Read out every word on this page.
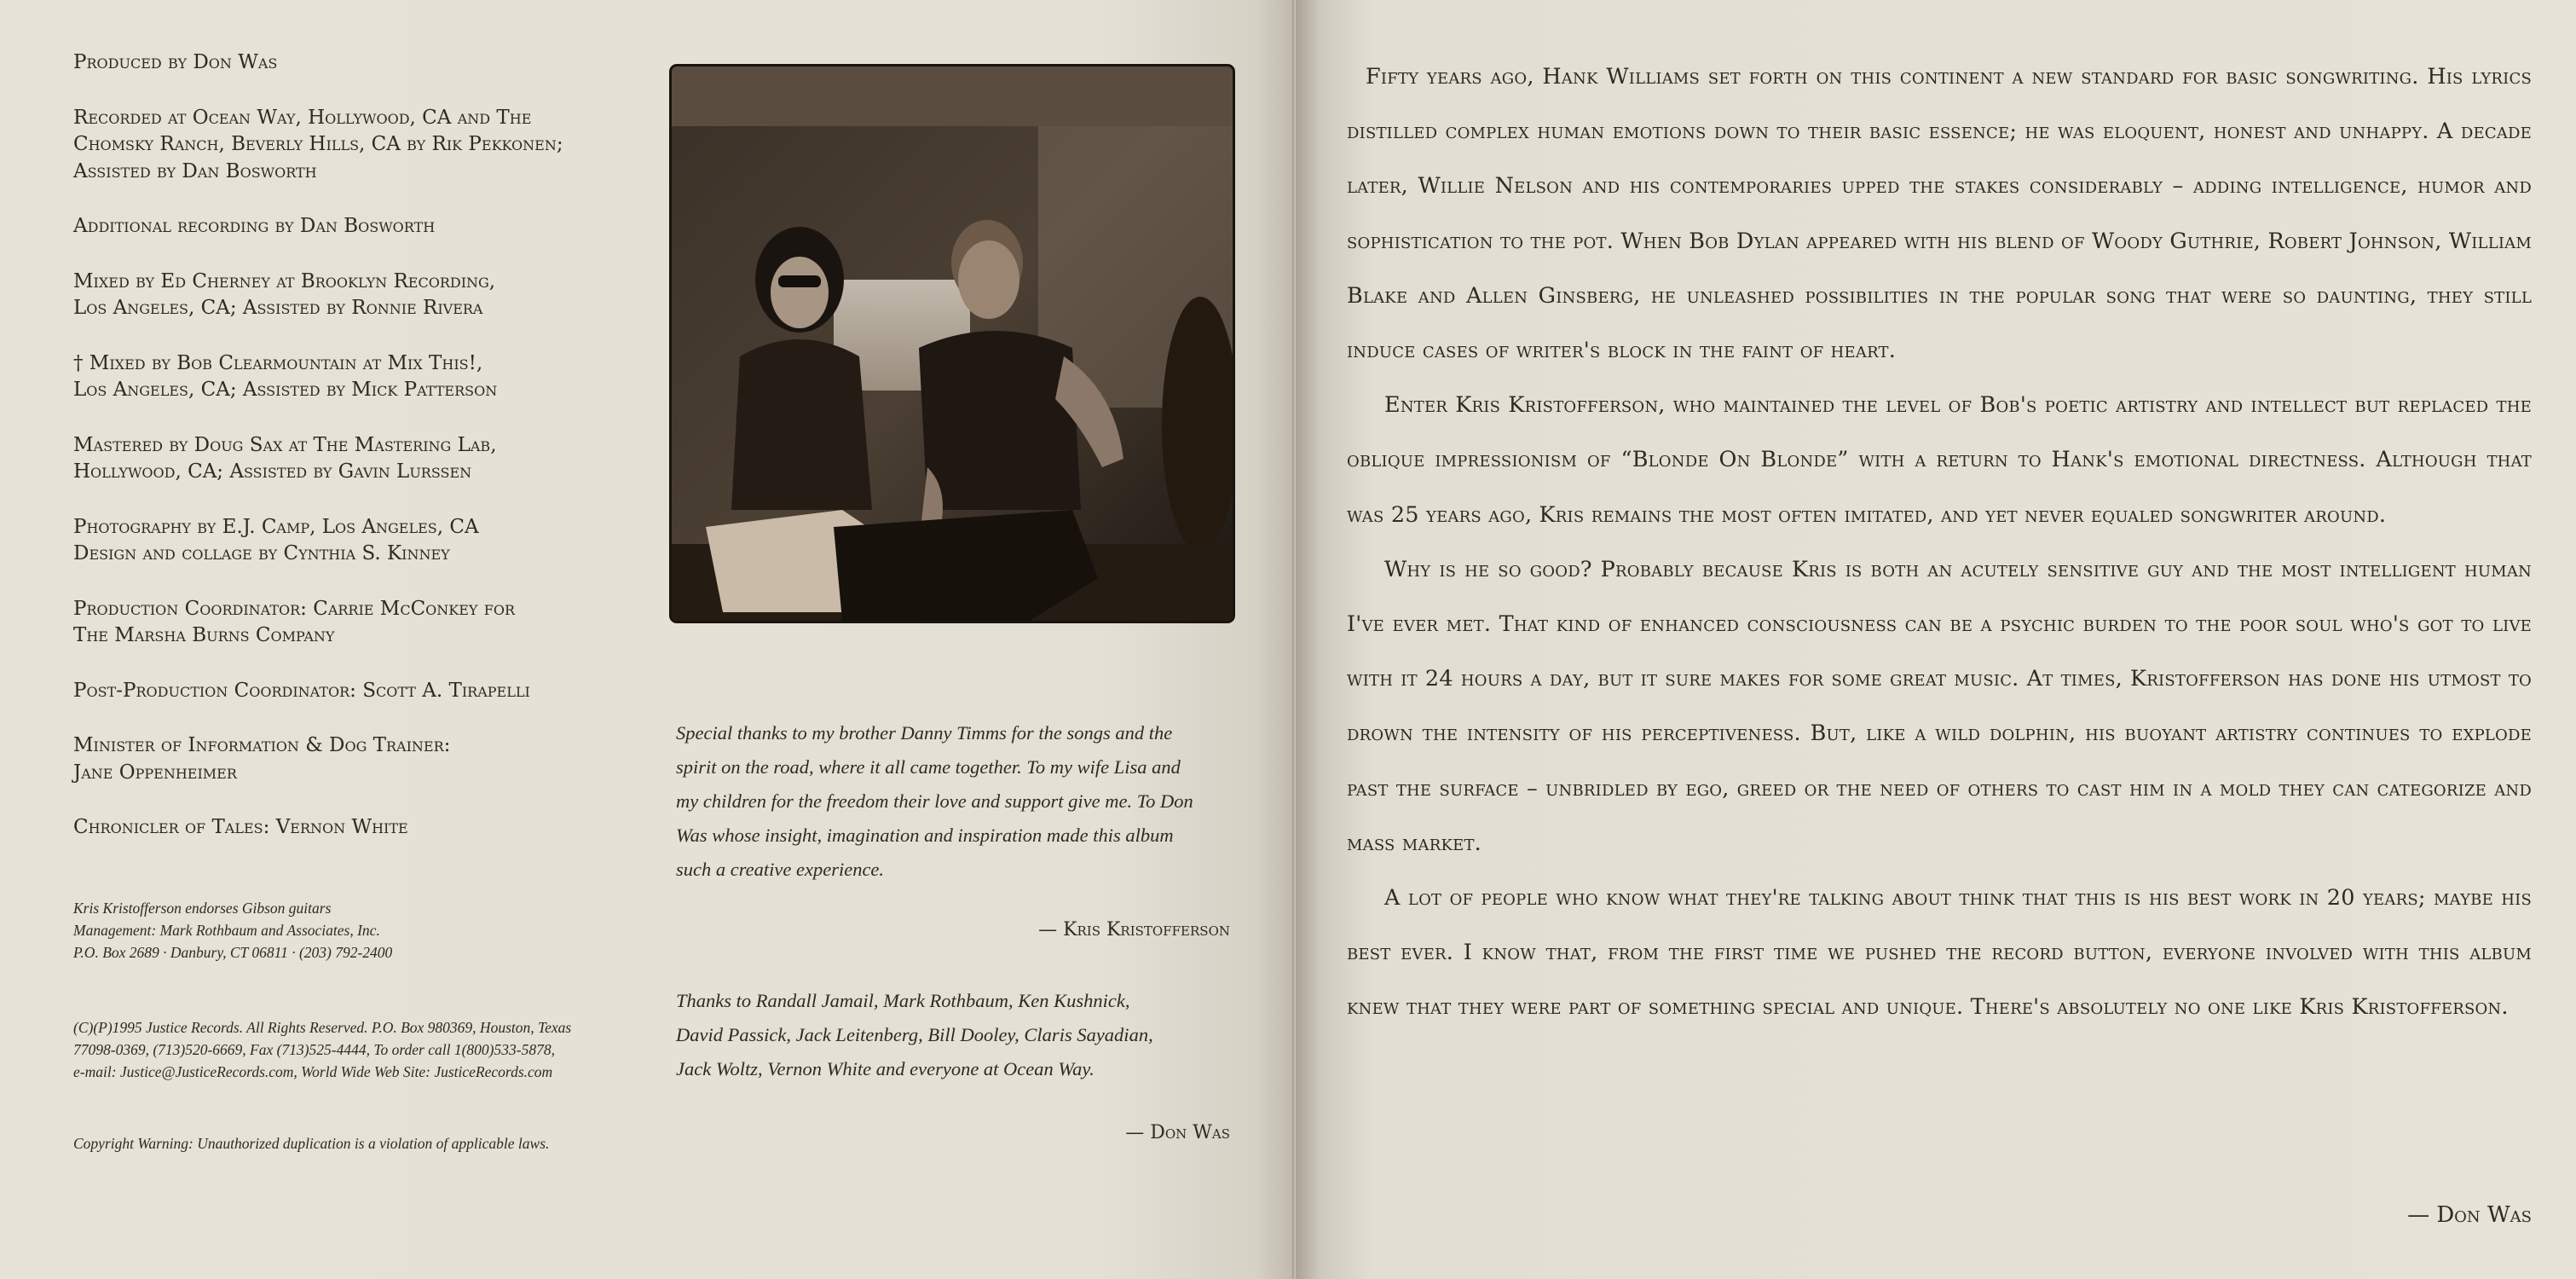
Produced by Don Was
Recorded at Ocean Way, Hollywood, CA and The
Chomsky Ranch, Beverly Hills, CA by Rik Pekkonen;
Assisted by Dan Bosworth
Additional recording by Dan Bosworth
Mixed by Ed Cherney at Brooklyn Recording,
Los Angeles, CA; Assisted by Ronnie Rivera
† Mixed by Bob Clearmountain at Mix This!,
Los Angeles, CA; Assisted by Mick Patterson
Mastered by Doug Sax at The Mastering Lab,
Hollywood, CA; Assisted by Gavin Lurssen
Photography by E.J. Camp, Los Angeles, CA
Design and collage by Cynthia S. Kinney
Production Coordinator: Carrie McConkey for
The Marsha Burns Company
Post-Production Coordinator: Scott A. Tirapelli
Minister of Information & Dog Trainer:
Jane Oppenheimer
Chronicler of Tales: Vernon White
Kris Kristofferson endorses Gibson guitars
Management: Mark Rothbaum and Associates, Inc.
P.O. Box 2689 · Danbury, CT 06811 · (203) 792-2400
(C)(P)1995 Justice Records. All Rights Reserved. P.O. Box 980369, Houston, Texas
77098-0369, (713)520-6669, Fax (713)525-4444, To order call 1(800)533-5878,
e-mail: Justice@JusticeRecords.com, World Wide Web Site: JusticeRecords.com
Copyright Warning: Unauthorized duplication is a violation of applicable laws.
Special thanks to my brother Danny Timms for the songs and the
spirit on the road, where it all came together. To my wife Lisa and
my children for the freedom their love and support give me. To Don
Was whose insight, imagination and inspiration made this album
such a creative experience.
— Kris Kristofferson
Thanks to Randall Jamail, Mark Rothbaum, Ken Kushnick,
David Passick, Jack Leitenberg, Bill Dooley, Claris Sayadian,
Jack Woltz, Vernon White and everyone at Ocean Way.
— Don Was

Fifty years ago, Hank Williams set forth on this continent a new standard for basic songwriting. His lyrics distilled complex human emotions down to their basic essence; he was eloquent, honest and unhappy. A decade later, Willie Nelson and his contemporaries upped the stakes considerably – adding intelligence, humor and sophistication to the pot. When Bob Dylan appeared with his blend of Woody Guthrie, Robert Johnson, William Blake and Allen Ginsberg, he unleashed possibilities in the popular song that were so daunting, they still induce cases of writer's block in the faint of heart.

Enter Kris Kristofferson, who maintained the level of Bob's poetic artistry and intellect but replaced the oblique impressionism of “Blonde On Blonde” with a return to Hank's emotional directness. Although that was 25 years ago, Kris remains the most often imitated, and yet never equaled songwriter around.

Why is he so good? Probably because Kris is both an acutely sensitive guy and the most intelligent human I've ever met. That kind of enhanced consciousness can be a psychic burden to the poor soul who's got to live with it 24 hours a day, but it sure makes for some great music. At times, Kristofferson has done his utmost to drown the intensity of his perceptiveness. But, like a wild dolphin, his buoyant artistry continues to explode past the surface – unbridled by ego, greed or the need of others to cast him in a mold they can categorize and mass market.

A lot of people who know what they're talking about think that this is his best work in 20 years; maybe his best ever. I know that, from the first time we pushed the record button, everyone involved with this album knew that they were part of something special and unique. There's absolutely no one like Kris Kristofferson.

— Don Was
